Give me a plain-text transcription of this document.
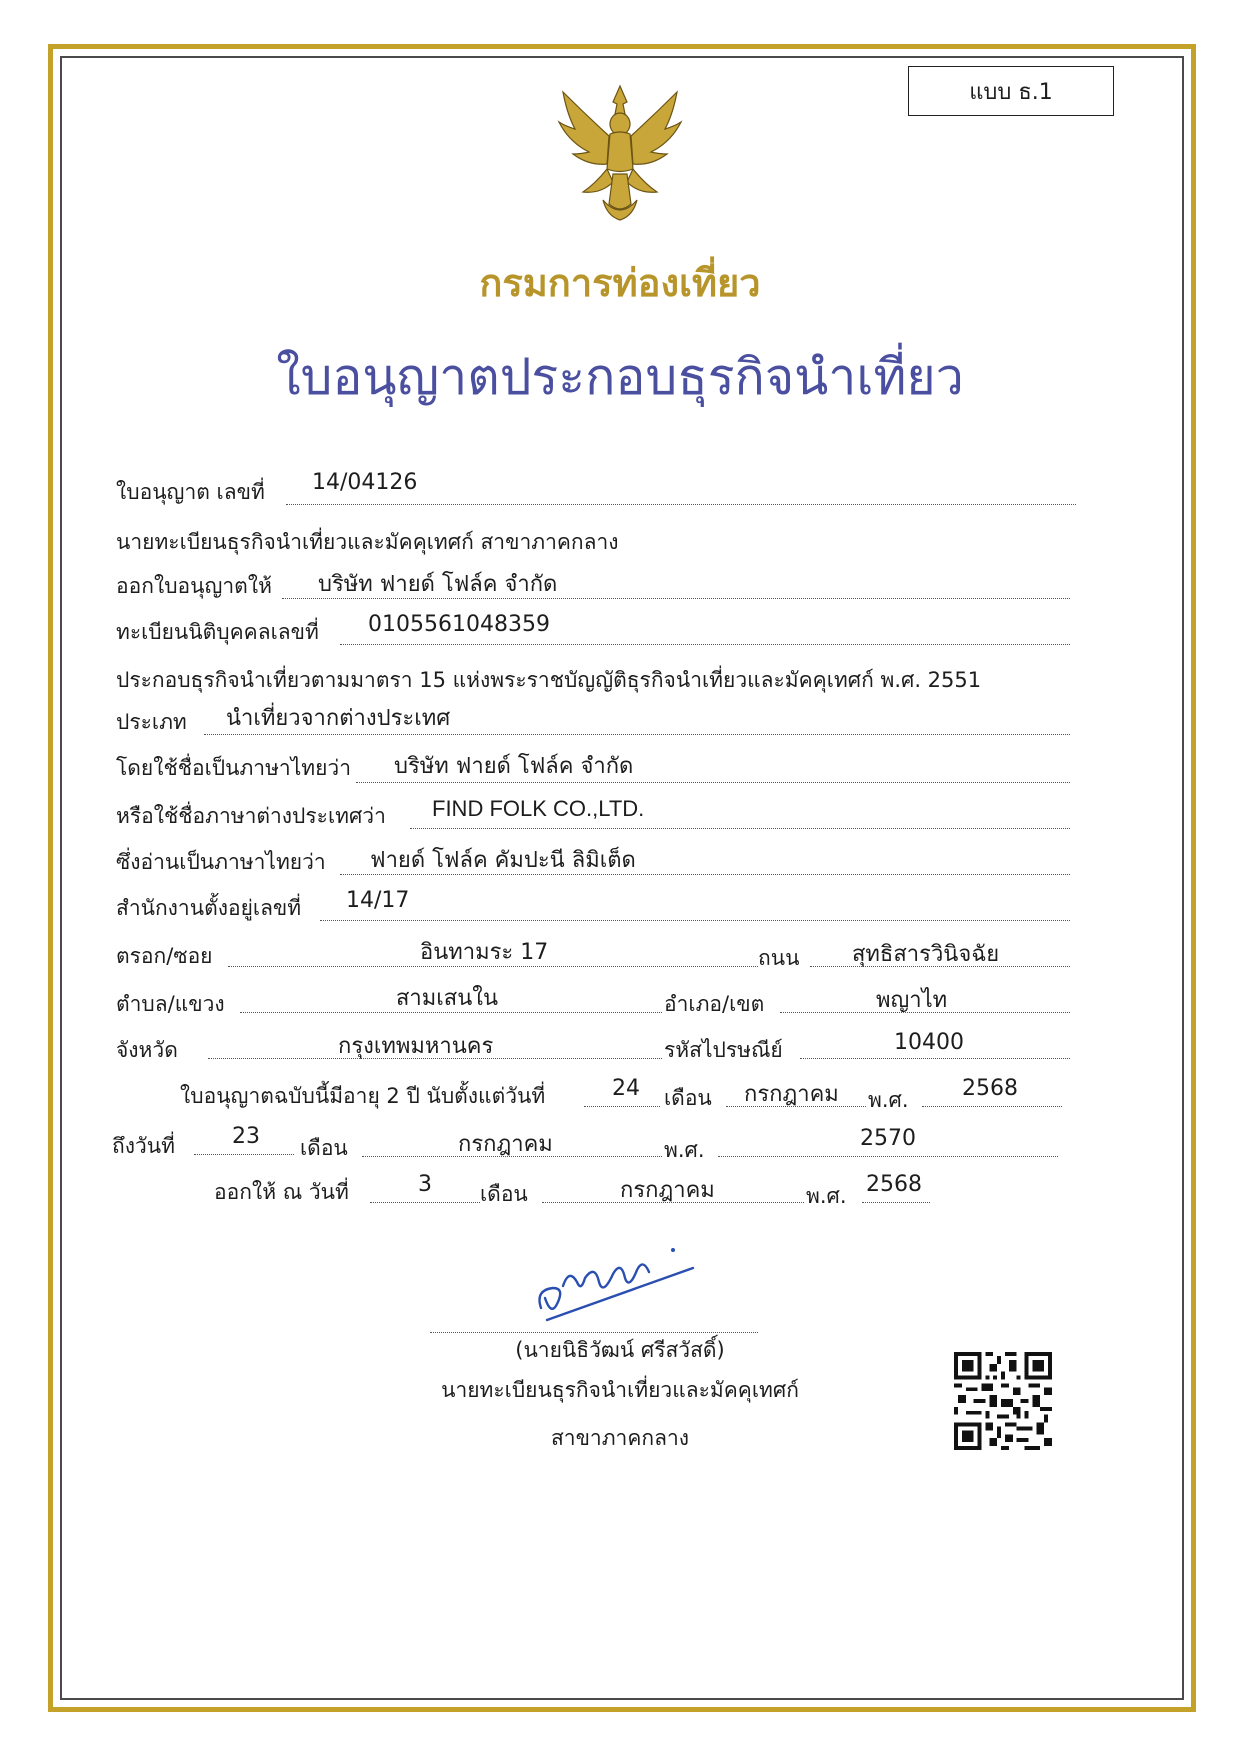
แบบ ธ.1
กรมการท่องเที่ยว
ใบอนุญาตประกอบธุรกิจนำเที่ยว
ใบอนุญาต เลขที่ 14/04126
นายทะเบียนธุรกิจนำเที่ยวและมัคคุเทศก์ สาขาภาคกลาง
ออกใบอนุญาตให้ บริษัท ฟายด์ โฟล์ค จำกัด
ทะเบียนนิติบุคคลเลขที่ 0105561048359
ประกอบธุรกิจนำเที่ยวตามมาตรา 15 แห่งพระราชบัญญัติธุรกิจนำเที่ยวและมัคคุเทศก์ พ.ศ. 2551
ประเภท นำเที่ยวจากต่างประเทศ
โดยใช้ชื่อเป็นภาษาไทยว่า บริษัท ฟายด์ โฟล์ค จำกัด
หรือใช้ชื่อภาษาต่างประเทศว่า FIND FOLK CO.,LTD.
ซึ่งอ่านเป็นภาษาไทยว่า ฟายด์ โฟล์ค คัมปะนี ลิมิเต็ด
สำนักงานตั้งอยู่เลขที่ 14/17
ตรอก/ซอย	อินทามระ 17	ถนน สุทธิสารวินิจฉัย
ตำบล/แขวง	สามเสนใน	อำเภอ/เขต	พญาไท
จังหวัด	กรุงเทพมหานคร	รหัสไปรษณีย์	10400
ใบอนุญาตฉบับนี้มีอายุ 2 ปี นับตั้งแต่วันที่	24 เดือน กรกฎาคม พ.ศ. 2568
ถึงวันที่	23 เดือน	กรกฎาคม	พ.ศ.	2570
ออกให้ ณ วันที่	3 เดือน	กรกฎาคม	พ.ศ. 2568
(นายนิธิวัฒน์ ศรีสวัสดิ์)
นายทะเบียนธุรกิจนำเที่ยวและมัคคุเทศก์
สาขาภาคกลาง
